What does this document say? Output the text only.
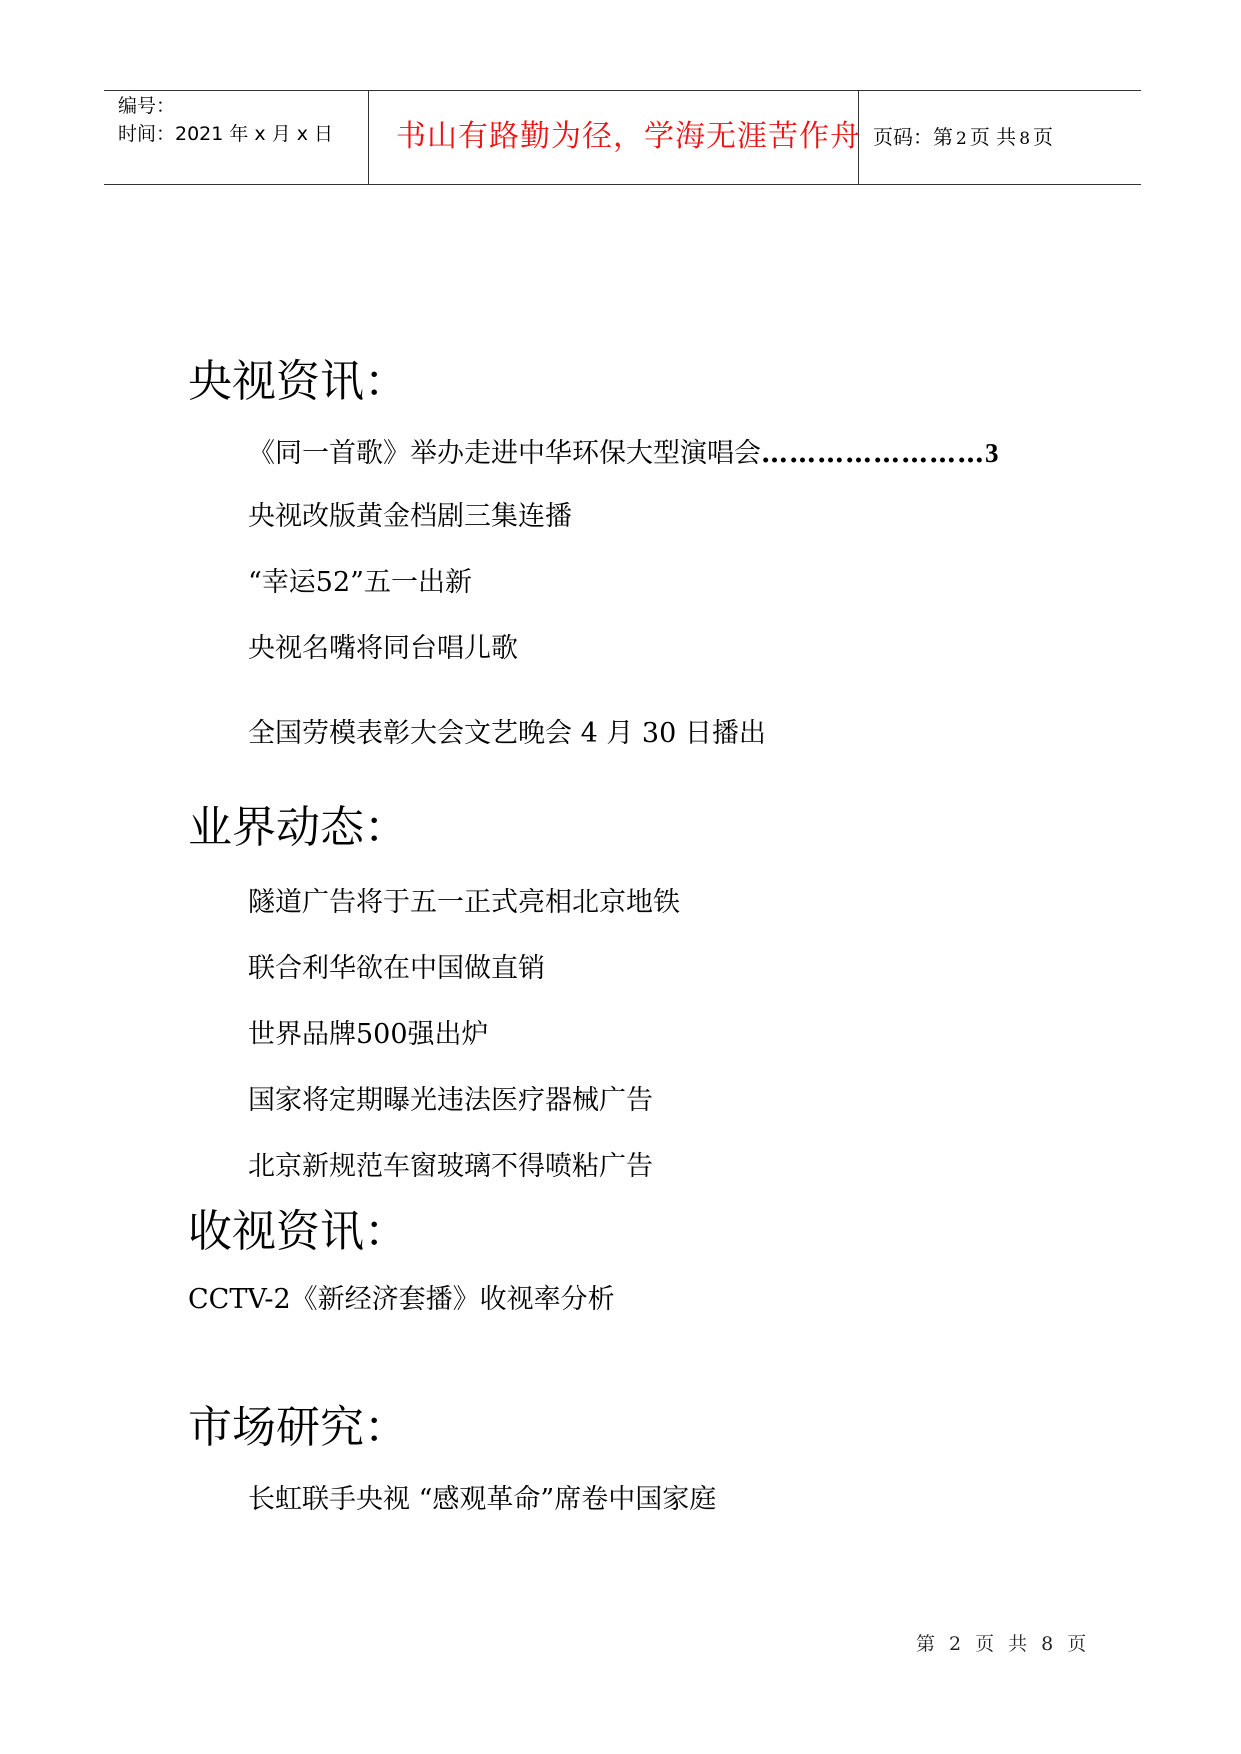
编号：
时间：2021 年 x 月 x 日 书山有路勤为径，学海无涯苦作舟 页码：第 2 页 共 8 页
央视资讯：
《同一首歌》举办走进中华环保大型演唱会……………………3
央视改版黄金档剧三集连播
“幸运52”五一出新
央视名嘴将同台唱儿歌
全国劳模表彰大会文艺晚会 4 月 30 日播出
业界动态：
隧道广告将于五一正式亮相北京地铁
联合利华欲在中国做直销
世界品牌500强出炉
国家将定期曝光违法医疗器械广告
北京新规范车窗玻璃不得喷粘广告
收视资讯：
CCTV-2《新经济套播》收视率分析
市场研究：
长虹联手央视 “感观革命”席卷中国家庭
第 2 页 共 8 页
